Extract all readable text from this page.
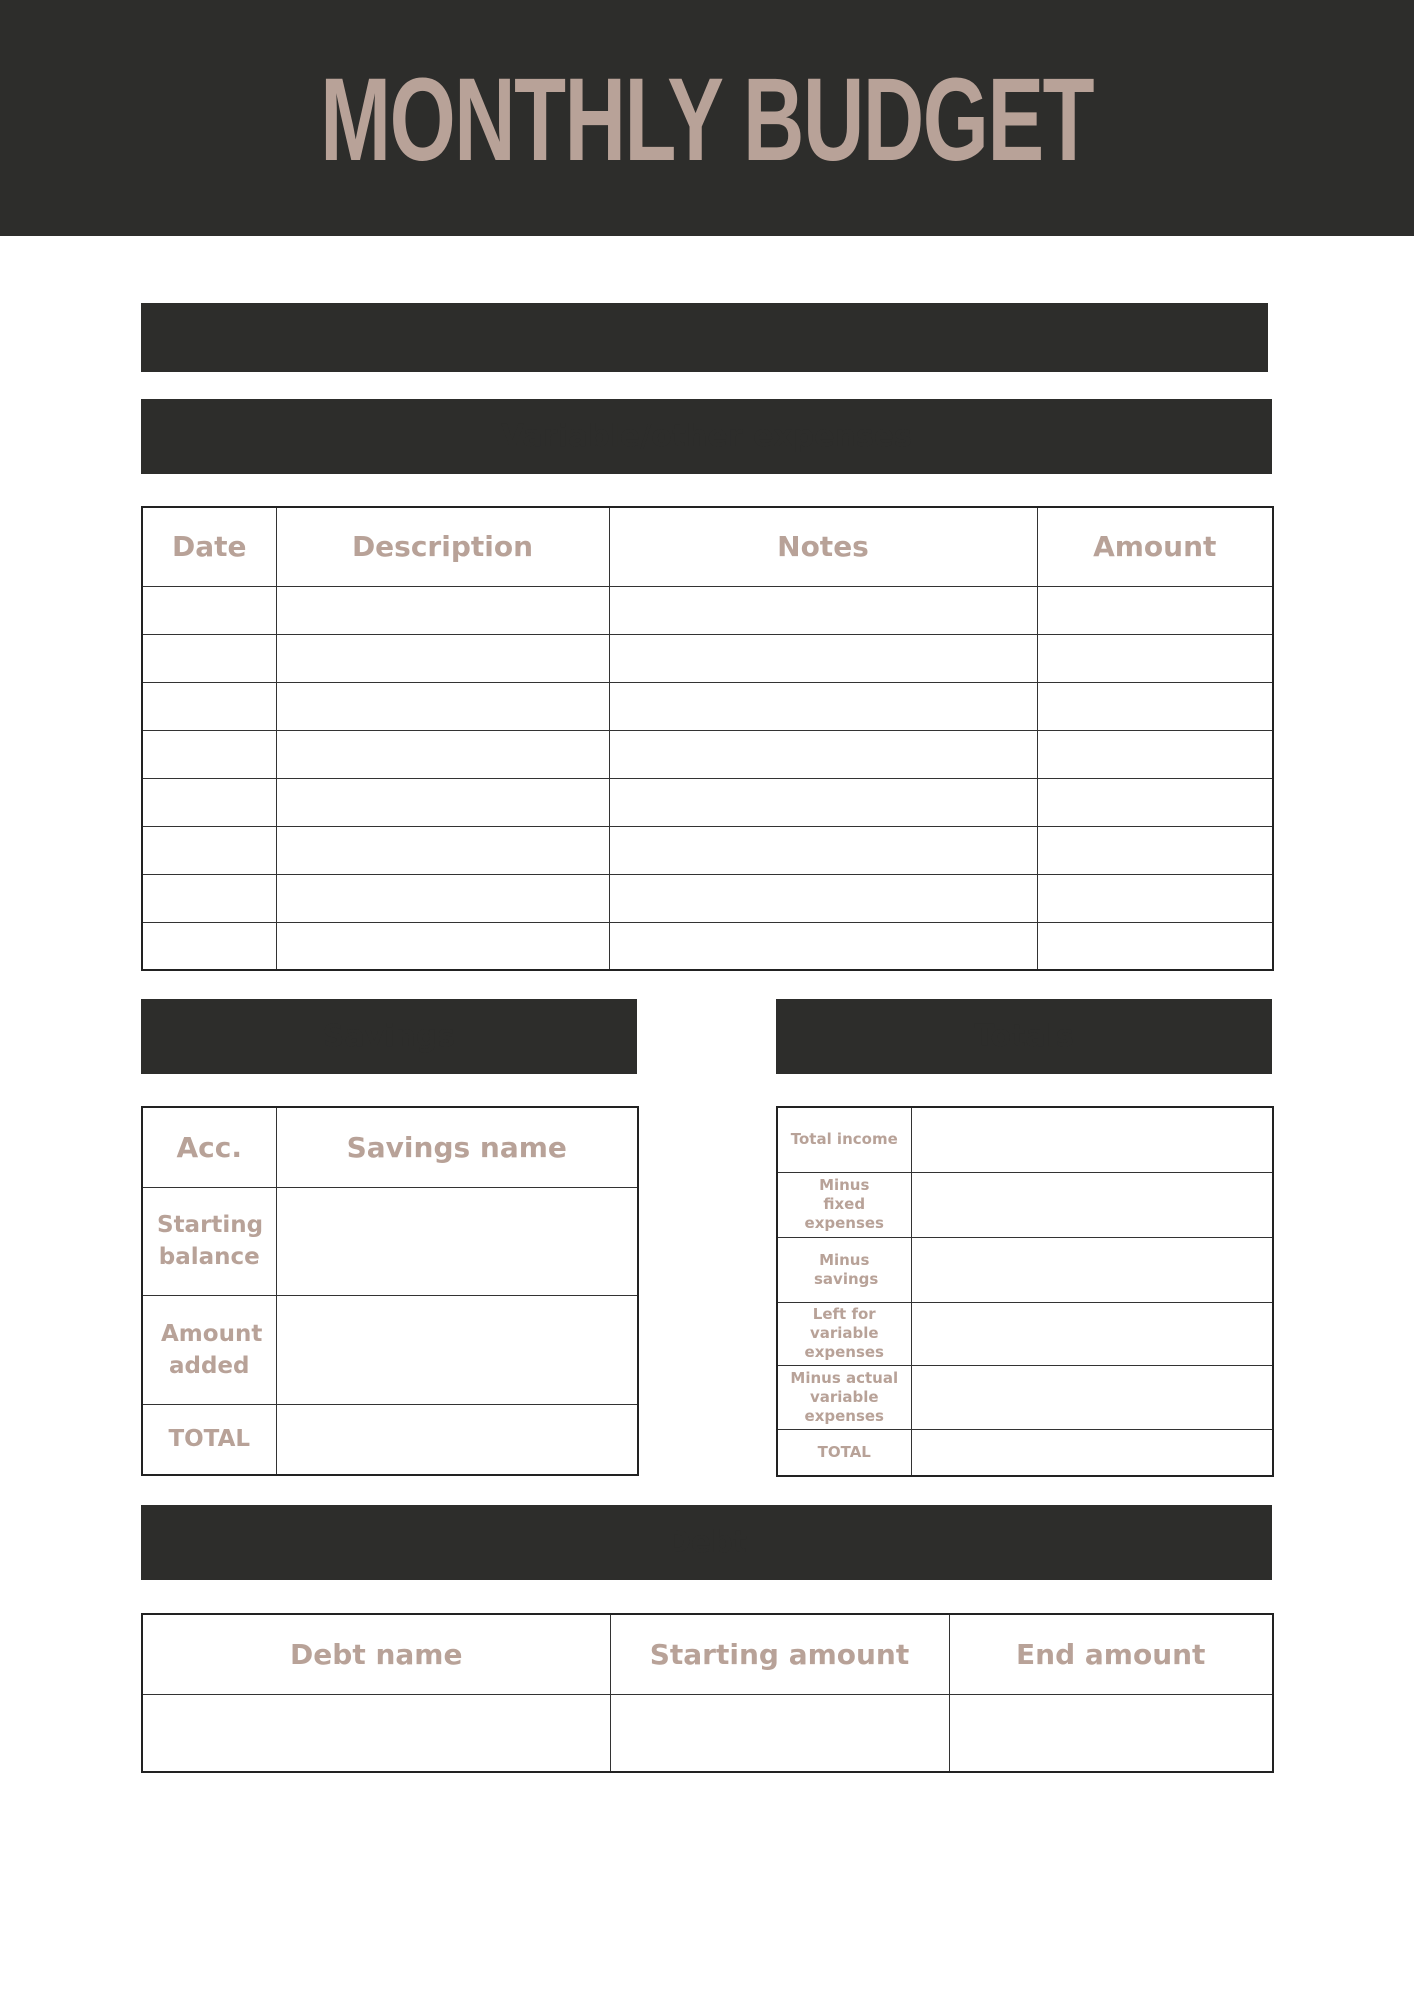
MONTHLY BUDGET
Variable/other expenses
Date	Description	Notes	Amount

Savings	Totals
Acc.	Savings name
Starting balance	
Amount added	
TOTAL	
Total income	
Minus fixed expenses	
Minus savings	
Left for variable expenses	
Minus actual variable expenses	
TOTAL	
Debt
Debt name	Starting amount	End amount
